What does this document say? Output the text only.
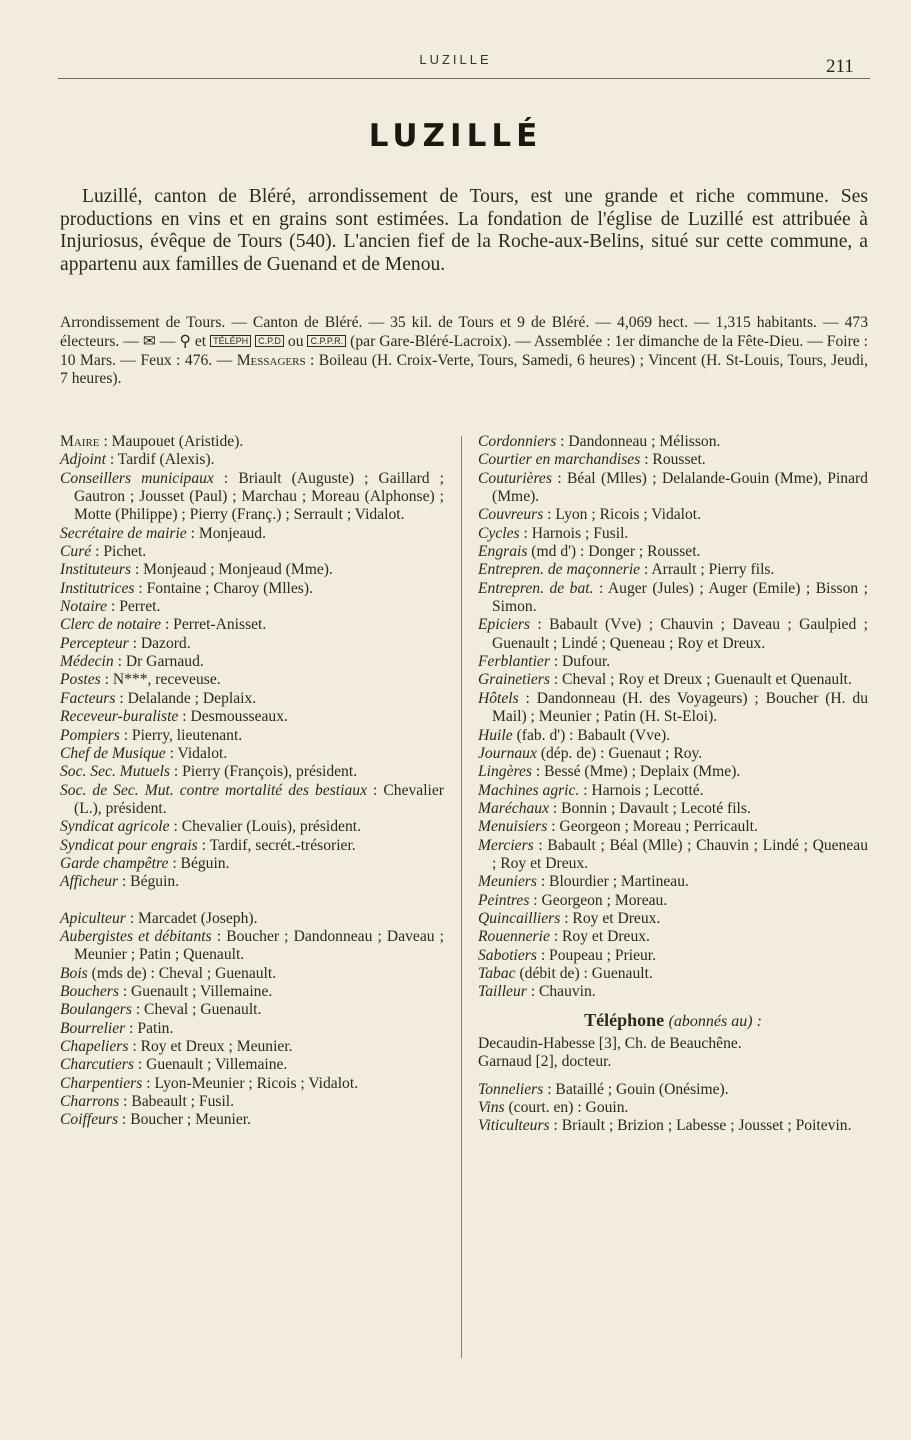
LUZILLE	211
LUZILLÉ

Luzillé, canton de Bléré, arrondissement de Tours, est une grande et riche commune. Ses productions en vins et en grains sont estimées. La fondation de l'église de Luzillé est attribuée à Injuriosus, évêque de Tours (540). L'ancien fief de la Roche-aux-Belins, situé sur cette commune, a appartenu aux familles de Guenand et de Menou.

Arrondissement de Tours. — Canton de Bléré. — 35 kil. de Tours et 9 de Bléré. — 4,069 hect. — 1,315 habitants. — 473 électeurs. — ✉ — ⚲ et TÉLÉPH C.P.D ou C.P.P.R. (par Gare-Bléré-Lacroix). — Assemblée : 1er dimanche de la Fête-Dieu. — Foire : 10 Mars. — Feux : 476. — Messagers : Boileau (H. Croix-Verte, Tours, Samedi, 6 heures) ; Vincent (H. St-Louis, Tours, Jeudi, 7 heures).

Maire : Maupouet (Aristide).

Adjoint : Tardif (Alexis).

Conseillers municipaux : Briault (Auguste) ; Gaillard ; Gautron ; Jousset (Paul) ; Marchau ; Moreau (Alphonse) ; Motte (Philippe) ; Pierry (Franç.) ; Serrault ; Vidalot.

Secrétaire de mairie : Monjeaud.

Curé : Pichet.

Instituteurs : Monjeaud ; Monjeaud (Mme).

Institutrices : Fontaine ; Charoy (Mlles).

Notaire : Perret.

Clerc de notaire : Perret-Anisset.

Percepteur : Dazord.

Médecin : Dr Garnaud.

Postes : N***, receveuse.

Facteurs : Delalande ; Deplaix.

Receveur-buraliste : Desmousseaux.

Pompiers : Pierry, lieutenant.

Chef de Musique : Vidalot.

Soc. Sec. Mutuels : Pierry (François), président.

Soc. de Sec. Mut. contre mortalité des bestiaux : Chevalier (L.), président.

Syndicat agricole : Chevalier (Louis), président.

Syndicat pour engrais : Tardif, secrét.-trésorier.

Garde champêtre : Béguin.

Afficheur : Béguin.

Apiculteur : Marcadet (Joseph).

Aubergistes et débitants : Boucher ; Dandonneau ; Daveau ; Meunier ; Patin ; Quenault.

Bois (mds de) : Cheval ; Guenault.

Bouchers : Guenault ; Villemaine.

Boulangers : Cheval ; Guenault.

Bourrelier : Patin.

Chapeliers : Roy et Dreux ; Meunier.

Charcutiers : Guenault ; Villemaine.

Charpentiers : Lyon-Meunier ; Ricois ; Vidalot.

Charrons : Babeault ; Fusil.

Coiffeurs : Boucher ; Meunier.

Cordonniers : Dandonneau ; Mélisson.

Courtier en marchandises : Rousset.

Couturières : Béal (Mlles) ; Delalande-Gouin (Mme), Pinard (Mme).

Couvreurs : Lyon ; Ricois ; Vidalot.

Cycles : Harnois ; Fusil.

Engrais (md d') : Donger ; Rousset.

Entrepren. de maçonnerie : Arrault ; Pierry fils.

Entrepren. de bat. : Auger (Jules) ; Auger (Emile) ; Bisson ; Simon.

Epiciers : Babault (Vve) ; Chauvin ; Daveau ; Gaulpied ; Guenault ; Lindé ; Queneau ; Roy et Dreux.

Ferblantier : Dufour.

Grainetiers : Cheval ; Roy et Dreux ; Guenault et Quenault.

Hôtels : Dandonneau (H. des Voyageurs) ; Boucher (H. du Mail) ; Meunier ; Patin (H. St-Eloi).

Huile (fab. d') : Babault (Vve).

Journaux (dép. de) : Guenaut ; Roy.

Lingères : Bessé (Mme) ; Deplaix (Mme).

Machines agric. : Harnois ; Lecotté.

Maréchaux : Bonnin ; Davault ; Lecoté fils.

Menuisiers : Georgeon ; Moreau ; Perricault.

Merciers : Babault ; Béal (Mlle) ; Chauvin ; Lindé ; Queneau ; Roy et Dreux.

Meuniers : Blourdier ; Martineau.

Peintres : Georgeon ; Moreau.

Quincailliers : Roy et Dreux.

Rouennerie : Roy et Dreux.

Sabotiers : Poupeau ; Prieur.

Tabac (débit de) : Guenault.

Tailleur : Chauvin.

Téléphone (abonnés au) :

Decaudin-Habesse [3], Ch. de Beauchêne.

Garnaud [2], docteur.

Tonneliers : Bataillé ; Gouin (Onésime).

Vins (court. en) : Gouin.

Viticulteurs : Briault ; Brizion ; Labesse ; Jousset ; Poitevin.
